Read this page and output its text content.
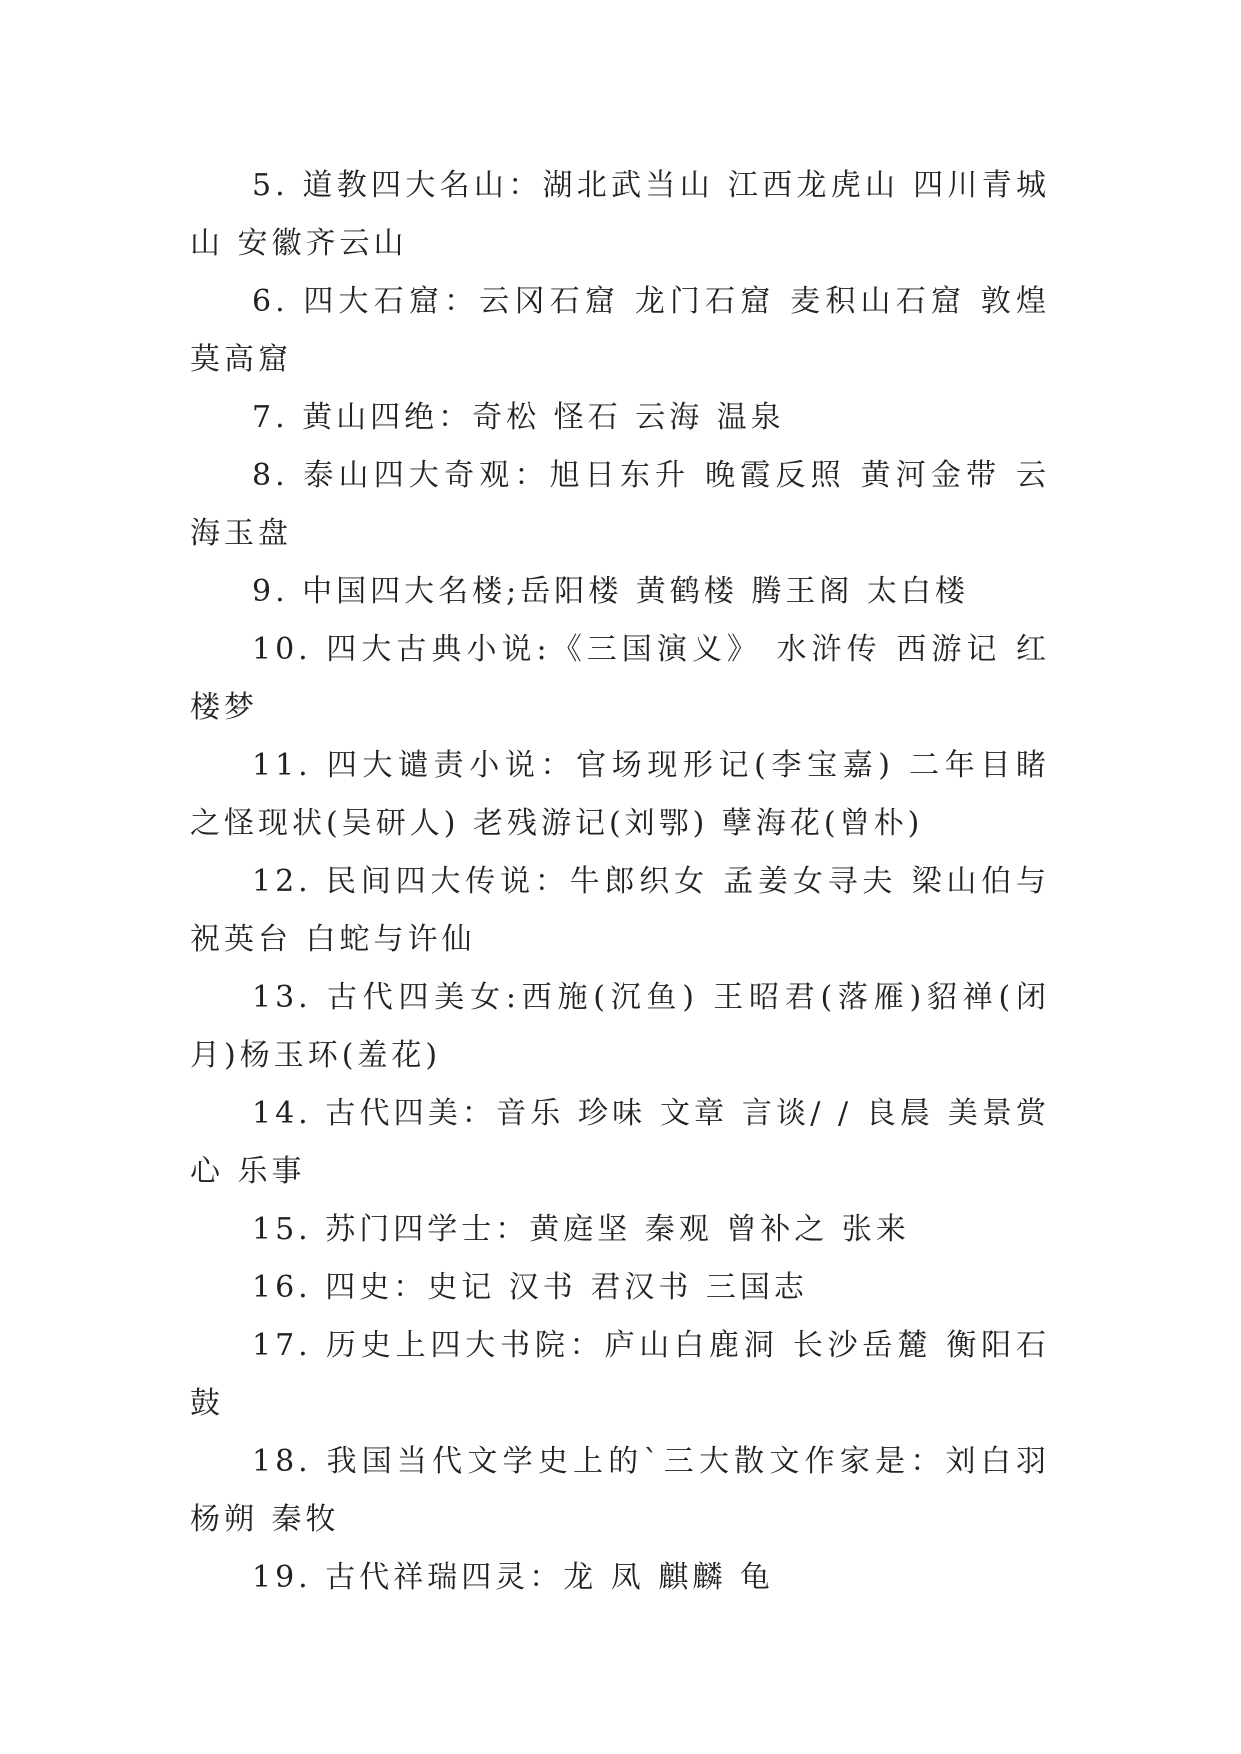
5. 道教四大名山：湖北武当山 江西龙虎山 四川青城山 安徽齐云山

6. 四大石窟：云冈石窟 龙门石窟 麦积山石窟 敦煌莫高窟

7. 黄山四绝：奇松 怪石 云海 温泉

8. 泰山四大奇观：旭日东升 晚霞反照 黄河金带 云海玉盘

9. 中国四大名楼;岳阳楼 黄鹤楼 腾王阁 太白楼

10. 四大古典小说:《三国演义》 水浒传 西游记 红楼梦

11. 四大谴责小说：官场现形记(李宝嘉) 二年目睹之怪现状(吴研人) 老残游记(刘鄂) 孽海花(曾朴)

12. 民间四大传说：牛郎织女 孟姜女寻夫 梁山伯与祝英台 白蛇与许仙

13. 古代四美女:西施(沉鱼) 王昭君(落雁)貂禅(闭月)杨玉环(羞花)

14. 古代四美：音乐 珍味 文章 言谈/ / 良晨 美景赏心 乐事

15. 苏门四学士：黄庭坚 秦观 曾补之 张来

16. 四史：史记 汉书 君汉书 三国志

17. 历史上四大书院：庐山白鹿洞 长沙岳麓 衡阳石鼓

18. 我国当代文学史上的`三大散文作家是：刘白羽 杨朔 秦牧

19. 古代祥瑞四灵：龙 凤 麒麟 龟
